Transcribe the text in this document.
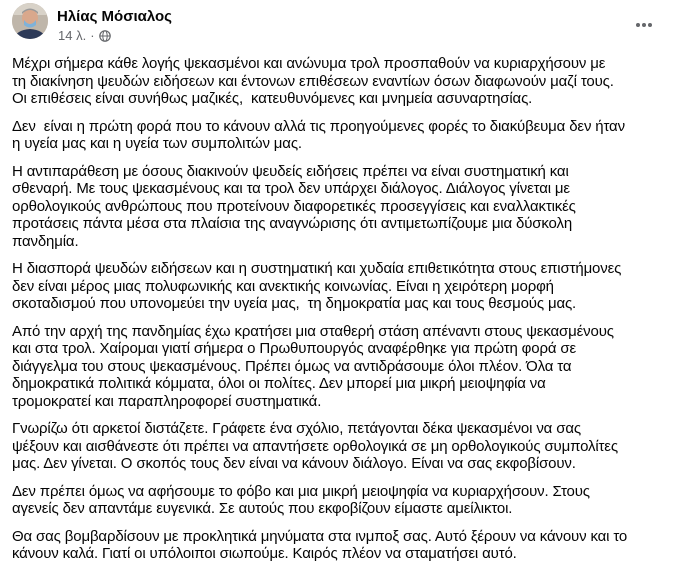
Ηλίας Μόσιαλος
14 λ. ·

Μέχρι σήμερα κάθε λογής ψεκασμένοι και ανώνυμα τρολ προσπαθούν να κυριαρχήσουν με
τη διακίνηση ψευδών ειδήσεων και έντονων επιθέσεων εναντίων όσων διαφωνούν μαζί τους.
Οι επιθέσεις είναι συνήθως μαζικές,  κατευθυνόμενες και μνημεία ασυναρτησίας.

Δεν  είναι η πρώτη φορά που το κάνουν αλλά τις προηγούμενες φορές το διακύβευμα δεν ήταν
η υγεία μας και η υγεία των συμπολιτών μας.

Η αντιπαράθεση με όσους διακινούν ψευδείς ειδήσεις πρέπει να είναι συστηματική και
σθεναρή. Με τους ψεκασμένους και τα τρολ δεν υπάρχει διάλογος. Διάλογος γίνεται με
ορθολογικούς ανθρώπους που προτείνουν διαφορετικές προσεγγίσεις και εναλλακτικές
προτάσεις πάντα μέσα στα πλαίσια της αναγνώρισης ότι αντιμετωπίζουμε μια δύσκολη
πανδημία.

Η διασπορά ψευδών ειδήσεων και η συστηματική και χυδαία επιθετικότητα στους επιστήμονες
δεν είναι μέρος μιας πολυφωνικής και ανεκτικής κοινωνίας. Είναι η χειρότερη μορφή
σκοταδισμού που υπονομεύει την υγεία μας,  τη δημοκρατία μας και τους θεσμούς μας.

Από την αρχή της πανδημίας έχω κρατήσει μια σταθερή στάση απέναντι στους ψεκασμένους
και στα τρολ. Χαίρομαι γιατί σήμερα ο Πρωθυπουργός αναφέρθηκε για πρώτη φορά σε
διάγγελμα του στους ψεκασμένους. Πρέπει όμως να αντιδράσουμε όλοι πλέον. Όλα τα
δημοκρατικά πολιτικά κόμματα, όλοι οι πολίτες. Δεν μπορεί μια μικρή μειοψηφία να
τρομοκρατεί και παραπληροφορεί συστηματικά.

Γνωρίζω ότι αρκετοί διστάζετε. Γράφετε ένα σχόλιο, πετάγονται δέκα ψεκασμένοι να σας
ψέξουν και αισθάνεστε ότι πρέπει να απαντήσετε ορθολογικά σε μη ορθολογικούς συμπολίτες
μας. Δεν γίνεται. Ο σκοπός τους δεν είναι να κάνουν διάλογο. Είναι να σας εκφοβίσουν.

Δεν πρέπει όμως να αφήσουμε το φόβο και μια μικρή μειοψηφία να κυριαρχήσουν. Στους
αγενείς δεν απαντάμε ευγενικά. Σε αυτούς που εκφοβίζουν είμαστε αμείλικτοι.

Θα σας βομβαρδίσουν με προκλητικά μηνύματα στα ινμποξ σας. Αυτό ξέρουν να κάνουν και το
κάνουν καλά. Γιατί οι υπόλοιποι σιωπούμε. Καιρός πλέον να σταματήσει αυτό.
